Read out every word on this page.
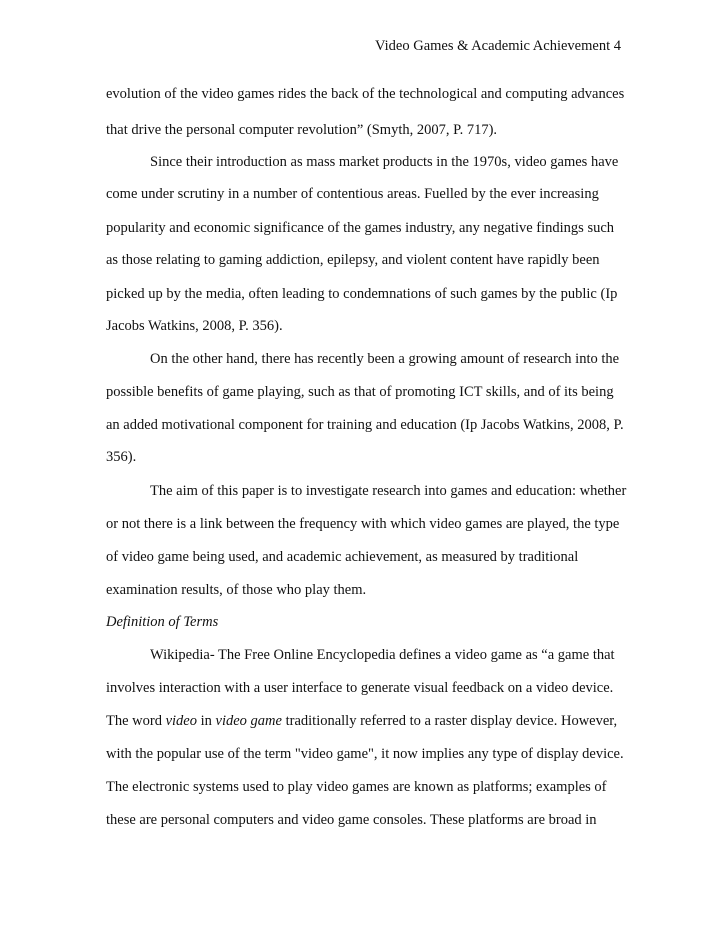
Video Games & Academic Achievement 4
evolution of the video games rides the back of the technological and computing advances
that drive the personal computer revolution” (Smyth, 2007, P. 717).
Since their introduction as mass market products in the 1970s, video games have
come under scrutiny in a number of contentious areas. Fuelled by the ever increasing
popularity and economic significance of the games industry, any negative findings such
as those relating to gaming addiction, epilepsy, and violent content have rapidly been
picked up by the media, often leading to condemnations of such games by the public (Ip
Jacobs Watkins, 2008, P. 356).
On the other hand, there has recently been a growing amount of research into the
possible benefits of game playing, such as that of promoting ICT skills, and of its being
an added motivational component for training and education (Ip Jacobs Watkins, 2008, P.
356).
The aim of this paper is to investigate research into games and education: whether
or not there is a link between the frequency with which video games are played, the type
of video game being used, and academic achievement, as measured by traditional
examination results, of those who play them.
Definition of Terms
Wikipedia- The Free Online Encyclopedia defines a video game as “a game that
involves interaction with a user interface to generate visual feedback on a video device.
The word video in video game traditionally referred to a raster display device. However,
with the popular use of the term "video game", it now implies any type of display device.
The electronic systems used to play video games are known as platforms; examples of
these are personal computers and video game consoles. These platforms are broad in
